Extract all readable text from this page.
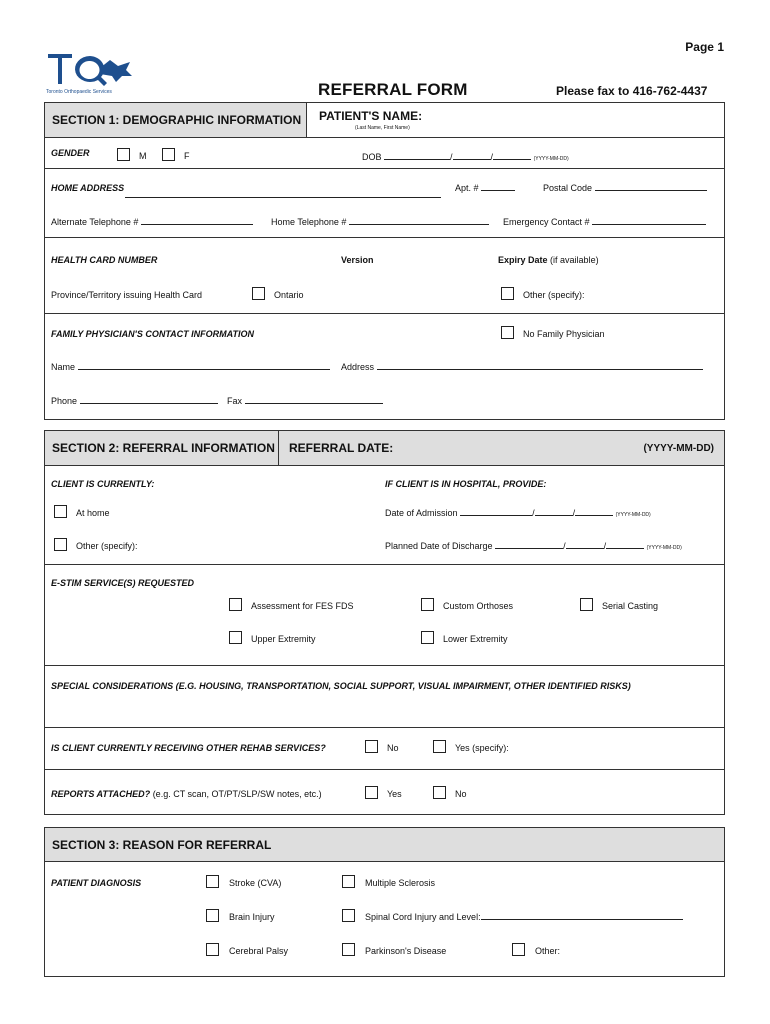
Page 1
Toronto Orthopaedic Services	REFERRAL FORM	Please fax to 416-762-4437
SECTION 1: DEMOGRAPHIC INFORMATION	PATIENT'S NAME:
(Last Name, First Name)
GENDER	M	F	DOB	/	/	(YYYY-MM-DD)
HOME ADDRESS	Apt. #	Postal Code
Alternate Telephone #	Home Telephone #	Emergency Contact #
HEALTH CARD NUMBER	Version	Expiry Date (if available)
Province/Territory issuing Health Card	Ontario	Other (specify):
FAMILY PHYSICIAN'S CONTACT INFORMATION	No Family Physician
Name	Address
Phone	Fax
SECTION 2: REFERRAL INFORMATION	REFERRAL DATE:	(YYYY-MM-DD)
CLIENT IS CURRENTLY:	IF CLIENT IS IN HOSPITAL, PROVIDE:
At home	Date of Admission	/	/	(YYYY-MM-DD)
Other (specify):	Planned Date of Discharge	/	/	(YYYY-MM-DD)
E-STIM SERVICE(S) REQUESTED
Assessment for FES FDS	Custom Orthoses	Serial Casting
Upper Extremity	Lower Extremity
SPECIAL CONSIDERATIONS (E.G. HOUSING, TRANSPORTATION, SOCIAL SUPPORT, VISUAL IMPAIRMENT, OTHER IDENTIFIED RISKS)
IS CLIENT CURRENTLY RECEIVING OTHER REHAB SERVICES?	No	Yes (specify):
REPORTS ATTACHED? (e.g. CT scan, OT/PT/SLP/SW notes, etc.)	Yes	No
SECTION 3: REASON FOR REFERRAL
PATIENT DIAGNOSIS	Stroke (CVA)	Multiple Sclerosis
Brain Injury	Spinal Cord Injury and Level:
Cerebral Palsy	Parkinson's Disease	Other:
